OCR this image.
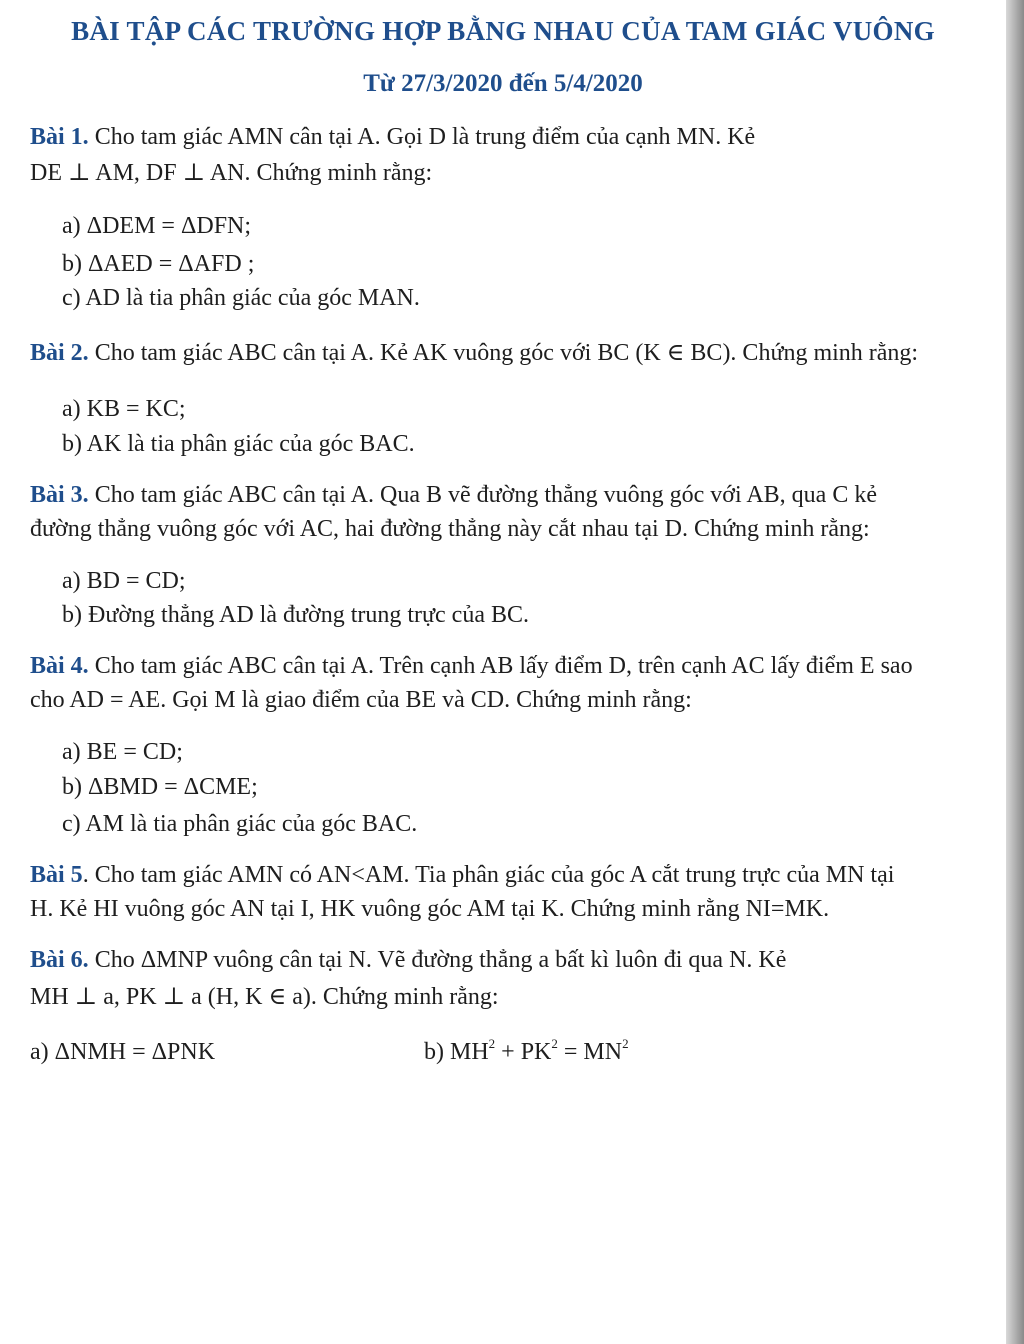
BÀI TẬP CÁC TRƯỜNG HỢP BẰNG NHAU CỦA TAM GIÁC VUÔNG
Từ 27/3/2020 đến 5/4/2020
Bài 1. Cho tam giác AMN cân tại A. Gọi D là trung điểm của cạnh MN. Kẻ
DE ⊥ AM, DF ⊥ AN. Chứng minh rằng:
a) ΔDEM = ΔDFN;
b) ΔAED = ΔAFD ;
c) AD là tia phân giác của góc MAN.
Bài 2. Cho tam giác ABC cân tại A. Kẻ AK vuông góc với BC (K ∈ BC). Chứng minh rằng:
a) KB = KC;
b) AK là tia phân giác của góc BAC.
Bài 3. Cho tam giác ABC cân tại A. Qua B vẽ đường thẳng vuông góc với AB, qua C kẻ
đường thẳng vuông góc với AC, hai đường thẳng này cắt nhau tại D. Chứng minh rằng:
a) BD = CD;
b) Đường thẳng AD là đường trung trực của BC.
Bài 4. Cho tam giác ABC cân tại A. Trên cạnh AB lấy điểm D, trên cạnh AC lấy điểm E sao
cho AD = AE. Gọi M là giao điểm của BE và CD. Chứng minh rằng:
a) BE = CD;
b) ΔBMD = ΔCME;
c) AM là tia phân giác của góc BAC.
Bài 5. Cho tam giác AMN có AN<AM. Tia phân giác của góc A cắt trung trực của MN tại
H. Kẻ HI vuông góc AN tại I, HK vuông góc AM tại K. Chứng minh rằng NI=MK.
Bài 6. Cho ΔMNP vuông cân tại N. Vẽ đường thẳng a bất kì luôn đi qua N. Kẻ
MH ⊥ a, PK ⊥ a (H, K ∈ a). Chứng minh rằng:
a) ΔNMH = ΔPNK	b) $MH^2 + PK^2 = MN^2$
